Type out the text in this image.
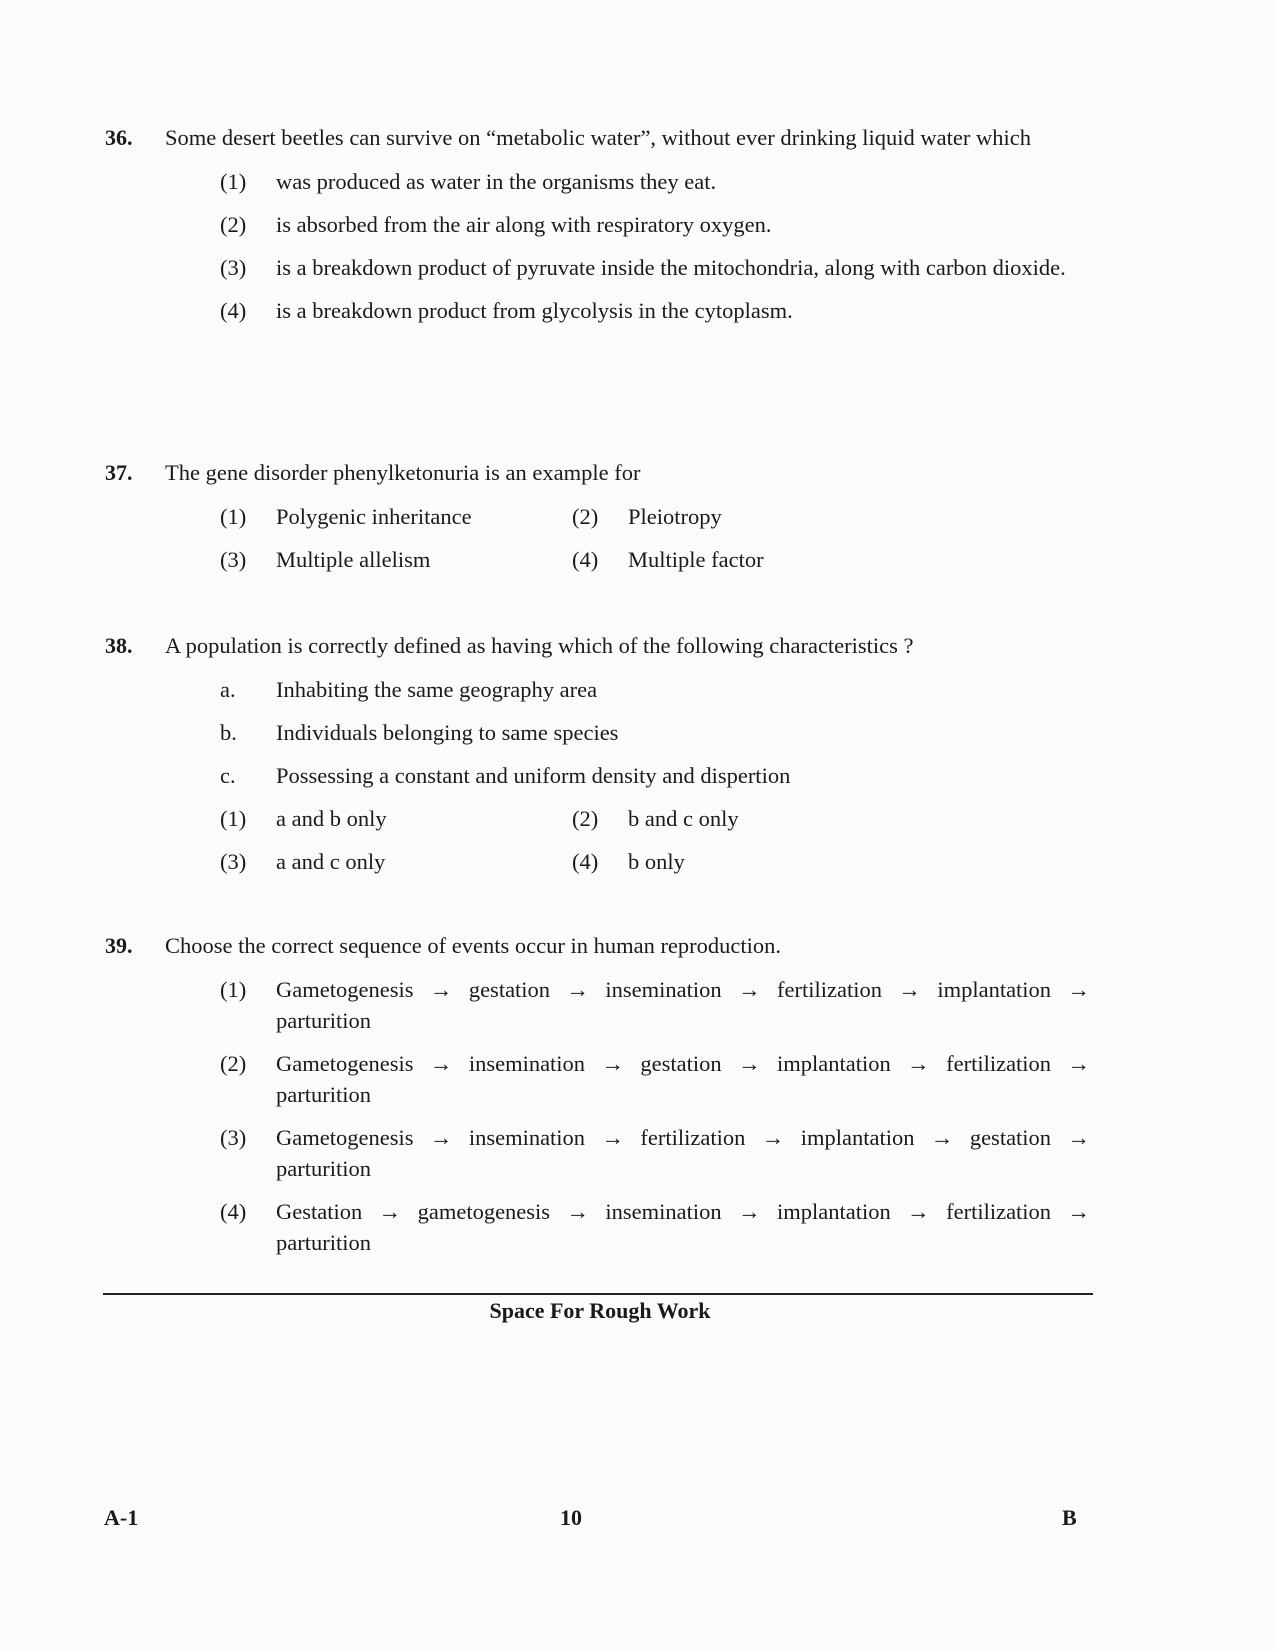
36.	Some desert beetles can survive on “metabolic water”, without ever drinking liquid water which
(1)	was produced as water in the organisms they eat.
(2)	is absorbed from the air along with respiratory oxygen.
(3)	is a breakdown product of pyruvate inside the mitochondria, along with carbon dioxide.
(4)	is a breakdown product from glycolysis in the cytoplasm.
37.	The gene disorder phenylketonuria is an example for
(1)	Polygenic inheritance	(2)	Pleiotropy
(3)	Multiple allelism	(4)	Multiple factor
38.	A population is correctly defined as having which of the following characteristics ?
a.	Inhabiting the same geography area
b.	Individuals belonging to same species
c.	Possessing a constant and uniform density and dispertion
(1)	a and b only	(2)	b and c only
(3)	a and c only	(4)	b only
39.	Choose the correct sequence of events occur in human reproduction.
(1)	Gametogenesis → gestation → insemination → fertilization → implantation → parturition
(2)	Gametogenesis → insemination → gestation → implantation → fertilization → parturition
(3)	Gametogenesis → insemination → fertilization → implantation → gestation → parturition
(4)	Gestation → gametogenesis → insemination → implantation → fertilization → parturition
Space For Rough Work
A-1	10	B
